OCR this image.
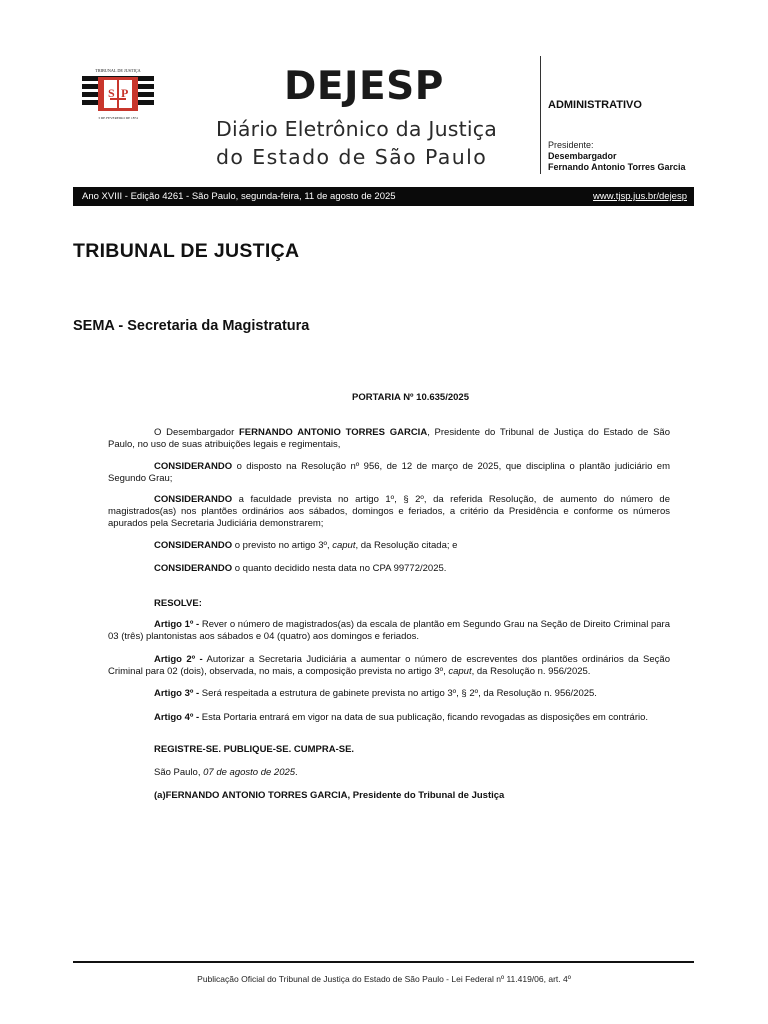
TRIBUNAL DE JUSTIÇA
S P
3 DE FEVEREIRO DE 1874
DEJESP
Diário Eletrônico da Justiça
do Estado de São Paulo
ADMINISTRATIVO
Presidente:
Desembargador
Fernando Antonio Torres Garcia
Ano XVIII - Edição 4261 - São Paulo, segunda-feira, 11 de agosto de 2025	www.tjsp.jus.br/dejesp
TRIBUNAL DE JUSTIÇA
SEMA - Secretaria da Magistratura
PORTARIA Nº 10.635/2025

O Desembargador FERNANDO ANTONIO TORRES GARCIA, Presidente do Tribunal de Justiça do Estado de São Paulo, no uso de suas atribuições legais e regimentais,

CONSIDERANDO o disposto na Resolução nº 956, de 12 de março de 2025, que disciplina o plantão judiciário em Segundo Grau;

CONSIDERANDO a faculdade prevista no artigo 1º, § 2º, da referida Resolução, de aumento do número de magistrados(as) nos plantões ordinários aos sábados, domingos e feriados, a critério da Presidência e conforme os números apurados pela Secretaria Judiciária demonstrarem;

CONSIDERANDO o previsto no artigo 3º, caput, da Resolução citada; e

CONSIDERANDO o quanto decidido nesta data no CPA 99772/2025.

RESOLVE:

Artigo 1º - Rever o número de magistrados(as) da escala de plantão em Segundo Grau na Seção de Direito Criminal para 03 (três) plantonistas aos sábados e 04 (quatro) aos domingos e feriados.

Artigo 2º - Autorizar a Secretaria Judiciária a aumentar o número de escreventes dos plantões ordinários da Seção Criminal para 02 (dois), observada, no mais, a composição prevista no artigo 3º, caput, da Resolução n. 956/2025.

Artigo 3º - Será respeitada a estrutura de gabinete prevista no artigo 3º, § 2º, da Resolução n. 956/2025.

Artigo 4º - Esta Portaria entrará em vigor na data de sua publicação, ficando revogadas as disposições em contrário.

REGISTRE-SE. PUBLIQUE-SE. CUMPRA-SE.

São Paulo, 07 de agosto de 2025.

(a)FERNANDO ANTONIO TORRES GARCIA, Presidente do Tribunal de Justiça

Publicação Oficial do Tribunal de Justiça do Estado de São Paulo - Lei Federal nº 11.419/06, art. 4º
